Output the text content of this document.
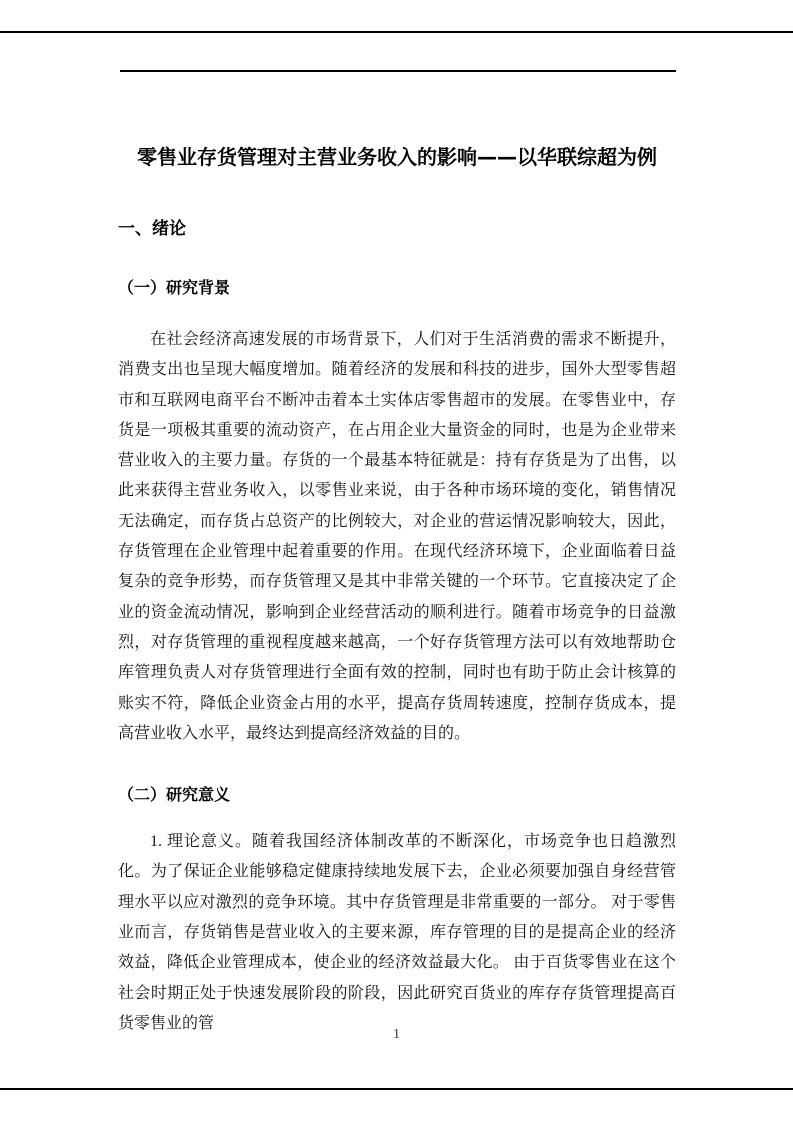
零售业存货管理对主营业务收入的影响——以华联综超为例
一、绪论
（一）研究背景

在社会经济高速发展的市场背景下，人们对于生活消费的需求不断提升，消费支出也呈现大幅度增加。随着经济的发展和科技的进步，国外大型零售超市和互联网电商平台不断冲击着本土实体店零售超市的发展。在零售业中，存货是一项极其重要的流动资产，在占用企业大量资金的同时，也是为企业带来营业收入的主要力量。存货的一个最基本特征就是：持有存货是为了出售，以此来获得主营业务收入，以零售业来说，由于各种市场环境的变化，销售情况无法确定，而存货占总资产的比例较大，对企业的营运情况影响较大，因此，存货管理在企业管理中起着重要的作用。在现代经济环境下，企业面临着日益复杂的竞争形势，而存货管理又是其中非常关键的一个环节。它直接决定了企业的资金流动情况，影响到企业经营活动的顺利进行。随着市场竞争的日益激烈，对存货管理的重视程度越来越高，一个好存货管理方法可以有效地帮助仓库管理负责人对存货管理进行全面有效的控制，同时也有助于防止会计核算的账实不符，降低企业资金占用的水平，提高存货周转速度，控制存货成本，提高营业收入水平，最终达到提高经济效益的目的。

（二）研究意义

1. 理论意义。随着我国经济体制改革的不断深化，市场竞争也日趋激烈化。为了保证企业能够稳定健康持续地发展下去，企业必须要加强自身经营管理水平以应对激烈的竞争环境。其中存货管理是非常重要的一部分。 对于零售业而言，存货销售是营业收入的主要来源，库存管理的目的是提高企业的经济效益，降低企业管理成本，使企业的经济效益最大化。 由于百货零售业在这个社会时期正处于快速发展阶段的阶段，因此研究百货业的库存存货管理提高百货零售业的管

1
